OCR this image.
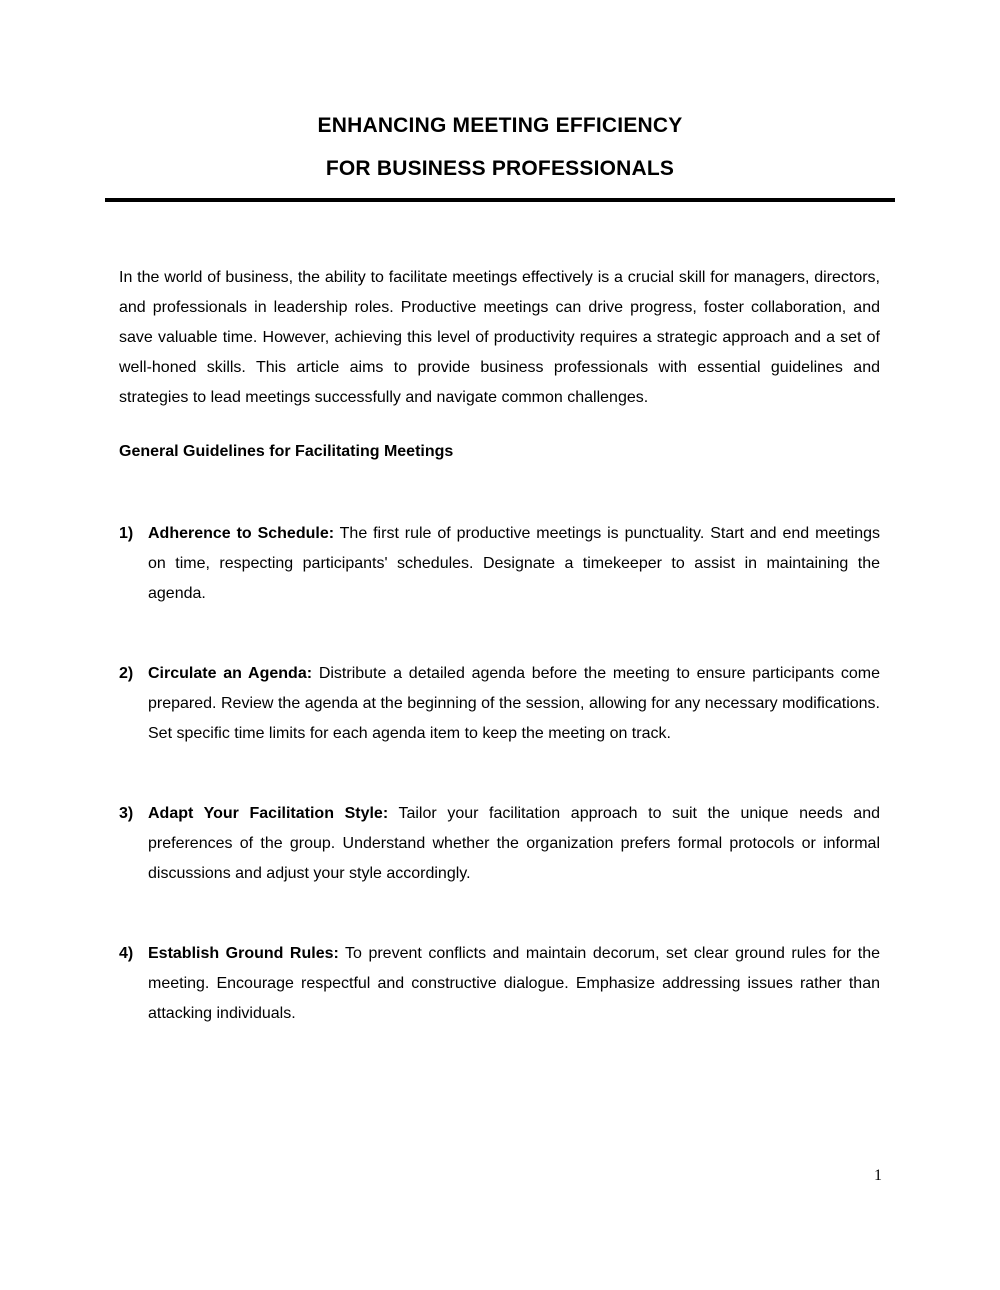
ENHANCING MEETING EFFICIENCY
FOR BUSINESS PROFESSIONALS

In the world of business, the ability to facilitate meetings effectively is a crucial skill for managers, directors, and professionals in leadership roles. Productive meetings can drive progress, foster collaboration, and save valuable time. However, achieving this level of productivity requires a strategic approach and a set of well-honed skills. This article aims to provide business professionals with essential guidelines and strategies to lead meetings successfully and navigate common challenges.

General Guidelines for Facilitating Meetings

1) Adherence to Schedule: The first rule of productive meetings is punctuality. Start and end meetings on time, respecting participants' schedules. Designate a timekeeper to assist in maintaining the agenda.
2) Circulate an Agenda: Distribute a detailed agenda before the meeting to ensure participants come prepared. Review the agenda at the beginning of the session, allowing for any necessary modifications. Set specific time limits for each agenda item to keep the meeting on track.
3) Adapt Your Facilitation Style: Tailor your facilitation approach to suit the unique needs and preferences of the group. Understand whether the organization prefers formal protocols or informal discussions and adjust your style accordingly.
4) Establish Ground Rules: To prevent conflicts and maintain decorum, set clear ground rules for the meeting. Encourage respectful and constructive dialogue. Emphasize addressing issues rather than attacking individuals.
1
